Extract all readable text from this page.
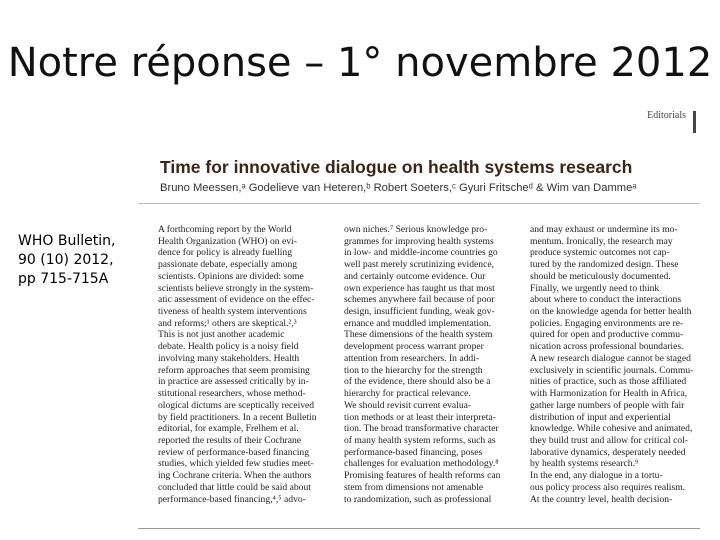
Notre réponse – 1° novembre 2012
WHO Bulletin,
90 (10) 2012,
pp 715-715A
Editorials
Time for innovative dialogue on health systems research
Bruno Meessen,ᵃ Godelieve van Heteren,ᵇ Robert Soeters,ᶜ Gyuri Fritscheᵈ & Wim van Dammeᵃ
A forthcoming report by the World
Health Organization (WHO) on evi-
dence for policy is already fuelling
passionate debate, especially among
scientists. Opinions are divided: some
scientists believe strongly in the system-
atic assessment of evidence on the effec-
tiveness of health system interventions
and reforms;¹ others are skeptical.²,³
This is not just another academic
debate. Health policy is a noisy field
involving many stakeholders. Health
reform approaches that seem promising
in practice are assessed critically by in-
stitutional researchers, whose method-
ological dictums are sceptically received
by field practitioners. In a recent Bulletin
editorial, for example, Frelhem et al.
reported the results of their Cochrane
review of performance-based financing
studies, which yielded few studies meet-
ing Cochrane criteria. When the authors
concluded that little could be said about
performance-based financing,⁴,⁵ advo-
own niches.⁷ Serious knowledge pro-
grammes for improving health systems
in low- and middle-income countries go
well past merely scrutinizing evidence,
and certainly outcome evidence. Our
own experience has taught us that most
schemes anywhere fail because of poor
design, insufficient funding, weak gov-
ernance and muddled implementation.
These dimensions of the health system
development process warrant proper
attention from researchers. In addi-
tion to the hierarchy for the strength
of the evidence, there should also be a
hierarchy for practical relevance.
We should revisit current evalua-
tion methods or at least their interpreta-
tion. The broad transformative character
of many health system reforms, such as
performance-based financing, poses
challenges for evaluation methodology.⁸
Promising features of health reforms can
stem from dimensions not amenable
to randomization, such as professional
and may exhaust or undermine its mo-
mentum. Ironically, the research may
produce systemic outcomes not cap-
tured by the randomized design. These
should be meticulously documented.
Finally, we urgently need to think
about where to conduct the interactions
on the knowledge agenda for better health
policies. Engaging environments are re-
quired for open and productive commu-
nication across professional boundaries.
A new research dialogue cannot be staged
exclusively in scientific journals. Commu-
nities of practice, such as those affiliated
with Harmonization for Health in Africa,
gather large numbers of people with fair
distribution of input and experiential
knowledge. While cohesive and animated,
they build trust and allow for critical col-
laborative dynamics, desperately needed
by health systems research.⁹
In the end, any dialogue in a tortu-
ous policy process also requires realism.
At the country level, health decision-
